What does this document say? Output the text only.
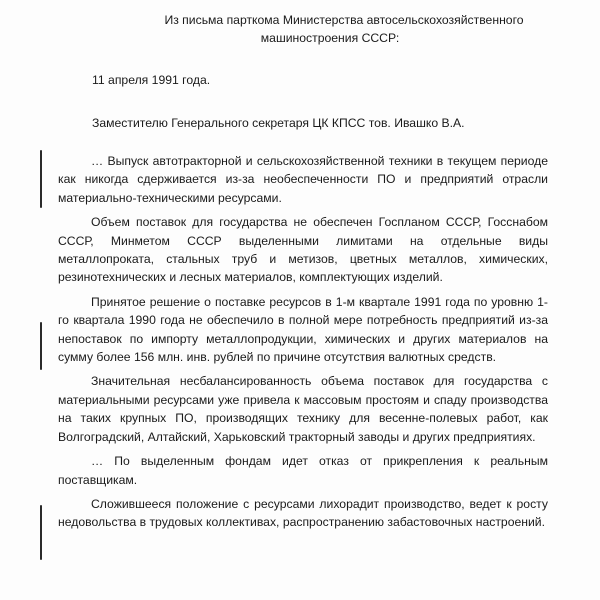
Из письма парткома Министерства автосельскохозяйственного
машиностроения СССР:
11 апреля 1991 года.
Заместителю Генерального секретаря ЦК КПСС тов. Ивашко В.А.

… Выпуск автотракторной и сельскохозяйственной техники в текущем периоде как никогда сдерживается из-за необеспеченности ПО и предприятий отрасли материально-техническими ресурсами.

Объем поставок для государства не обеспечен Госпланом СССР, Госснабом СССР, Минметом СССР выделенными лимитами на отдельные виды металлопроката, стальных труб и метизов, цветных металлов, химических, резинотехнических и лесных материалов, комплектующих изделий.

Принятое решение о поставке ресурсов в 1-м квартале 1991 года по уровню 1-го квартала 1990 года не обеспечило в полной мере потребность предприятий из-за непоставок по импорту металлопродукции, химических и других материалов на сумму более 156 млн. инв. рублей по причине отсутствия валютных средств.

Значительная несбалансированность объема поставок для государства с материальными ресурсами уже привела к массовым простоям и спаду производства на таких крупных ПО, производящих технику для весенне-полевых работ, как Волгоградский, Алтайский, Харьковский тракторный заводы и других предприятиях.

… По выделенным фондам идет отказ от прикрепления к реальным поставщикам.

Сложившееся положение с ресурсами лихорадит производство, ведет к росту недовольства в трудовых коллективах, распространению забастовочных настроений.
